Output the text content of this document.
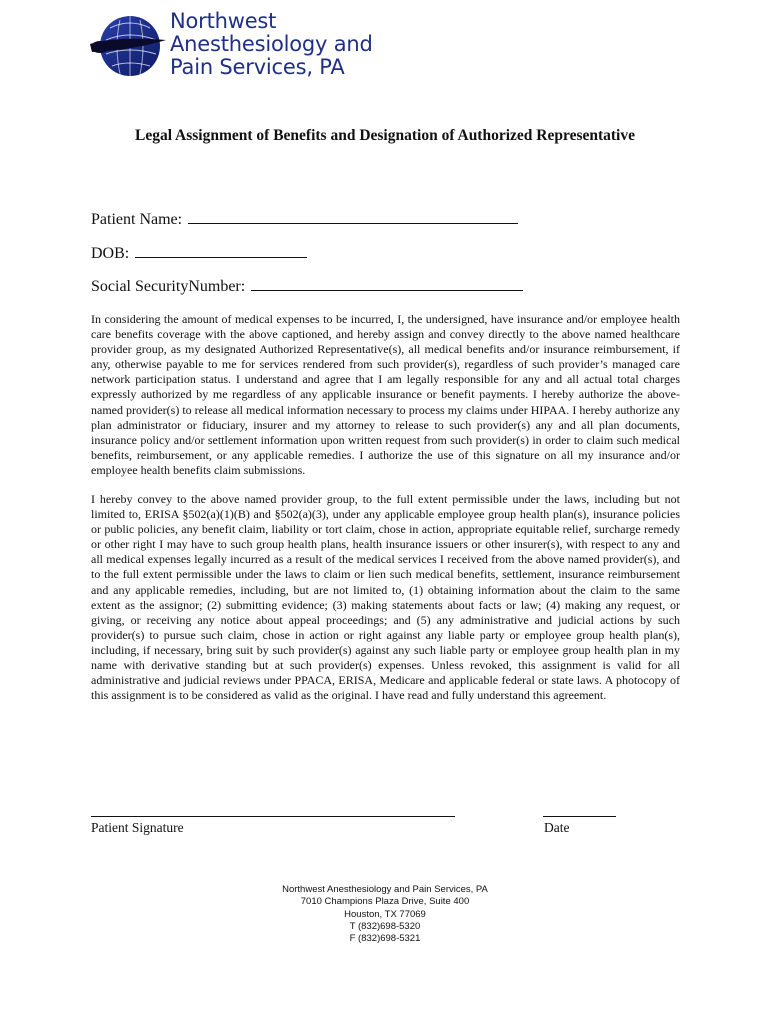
Northwest
Anesthesiology and
Pain Services, PA
Legal Assignment of Benefits and Designation of Authorized Representative
Patient Name:
DOB:
Social SecurityNumber:

In considering the amount of medical expenses to be incurred, I, the undersigned, have insurance and/or employee health care benefits coverage with the above captioned, and hereby assign and convey directly to the above named healthcare provider group, as my designated Authorized Representative(s), all medical benefits and/or insurance reimbursement, if any, otherwise payable to me for services rendered from such provider(s), regardless of such provider’s managed care network participation status. I understand and agree that I am legally responsible for any and all actual total charges expressly authorized by me regardless of any applicable insurance or benefit payments. I hereby authorize the above-named provider(s) to release all medical information necessary to process my claims under HIPAA. I hereby authorize any plan administrator or fiduciary, insurer and my attorney to release to such provider(s) any and all plan documents, insurance policy and/or settlement information upon written request from such provider(s) in order to claim such medical benefits, reimbursement, or any applicable remedies. I authorize the use of this signature on all my insurance and/or employee health benefits claim submissions.

I hereby convey to the above named provider group, to the full extent permissible under the laws, including but not limited to, ERISA §502(a)(1)(B) and §502(a)(3), under any applicable employee group health plan(s), insurance policies or public policies, any benefit claim, liability or tort claim, chose in action, appropriate equitable relief, surcharge remedy or other right I may have to such group health plans, health insurance issuers or other insurer(s), with respect to any and all medical expenses legally incurred as a result of the medical services I received from the above named provider(s), and to the full extent permissible under the laws to claim or lien such medical benefits, settlement, insurance reimbursement and any applicable remedies, including, but are not limited to, (1) obtaining information about the claim to the same extent as the assignor; (2) submitting evidence; (3) making statements about facts or law; (4) making any request, or giving, or receiving any notice about appeal proceedings; and (5) any administrative and judicial actions by such provider(s) to pursue such claim, chose in action or right against any liable party or employee group health plan(s), including, if necessary, bring suit by such provider(s) against any such liable party or employee group health plan in my name with derivative standing but at such provider(s) expenses. Unless revoked, this assignment is valid for all administrative and judicial reviews under PPACA, ERISA, Medicare and applicable federal or state laws. A photocopy of this assignment is to be considered as valid as the original. I have read and fully understand this agreement.

Patient Signature	Date
Northwest Anesthesiology and Pain Services, PA
7010 Champions Plaza Drive, Suite 400
Houston, TX 77069
T (832)698-5320
F (832)698-5321
